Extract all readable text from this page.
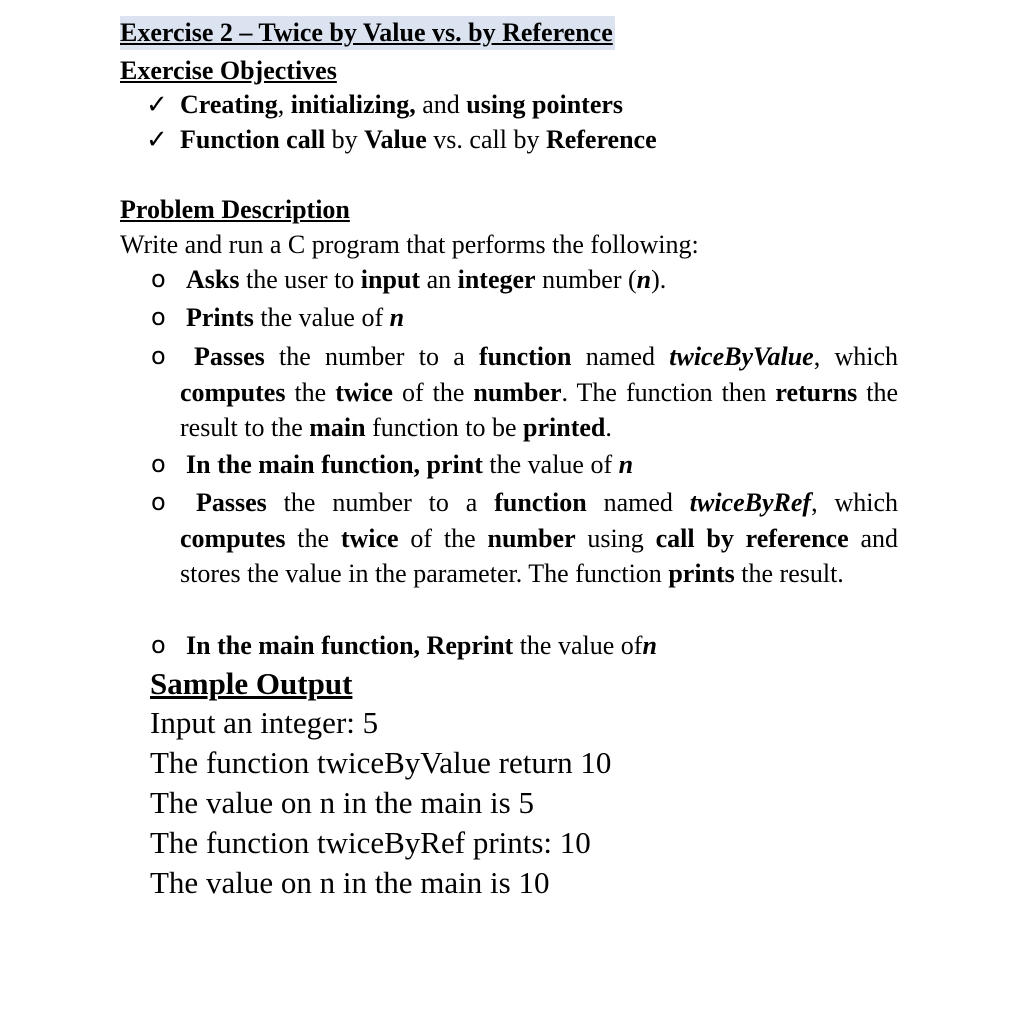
Exercise 2 – Twice by Value vs. by Reference
Exercise Objectives
✓ Creating, initializing, and using pointers
✓ Function call by Value vs. call by Reference
Problem Description
Write and run a C program that performs the following:
o Asks the user to input an integer number (n).
o Prints the value of n
o	Passes the number to a function named twiceByValue, which computes the twice of the number. The function then returns the result to the main function to be printed.
o In the main function, print the value of n
o	Passes the number to a function named twiceByRef, which computes the twice of the number using call by reference and stores the value in the parameter. The function prints the result.
o In the main function, Reprint the value ofn
Sample Output
Input an integer: 5
The function twiceByValue return 10
The value on n in the main is 5
The function twiceByRef prints: 10
The value on n in the main is 10
